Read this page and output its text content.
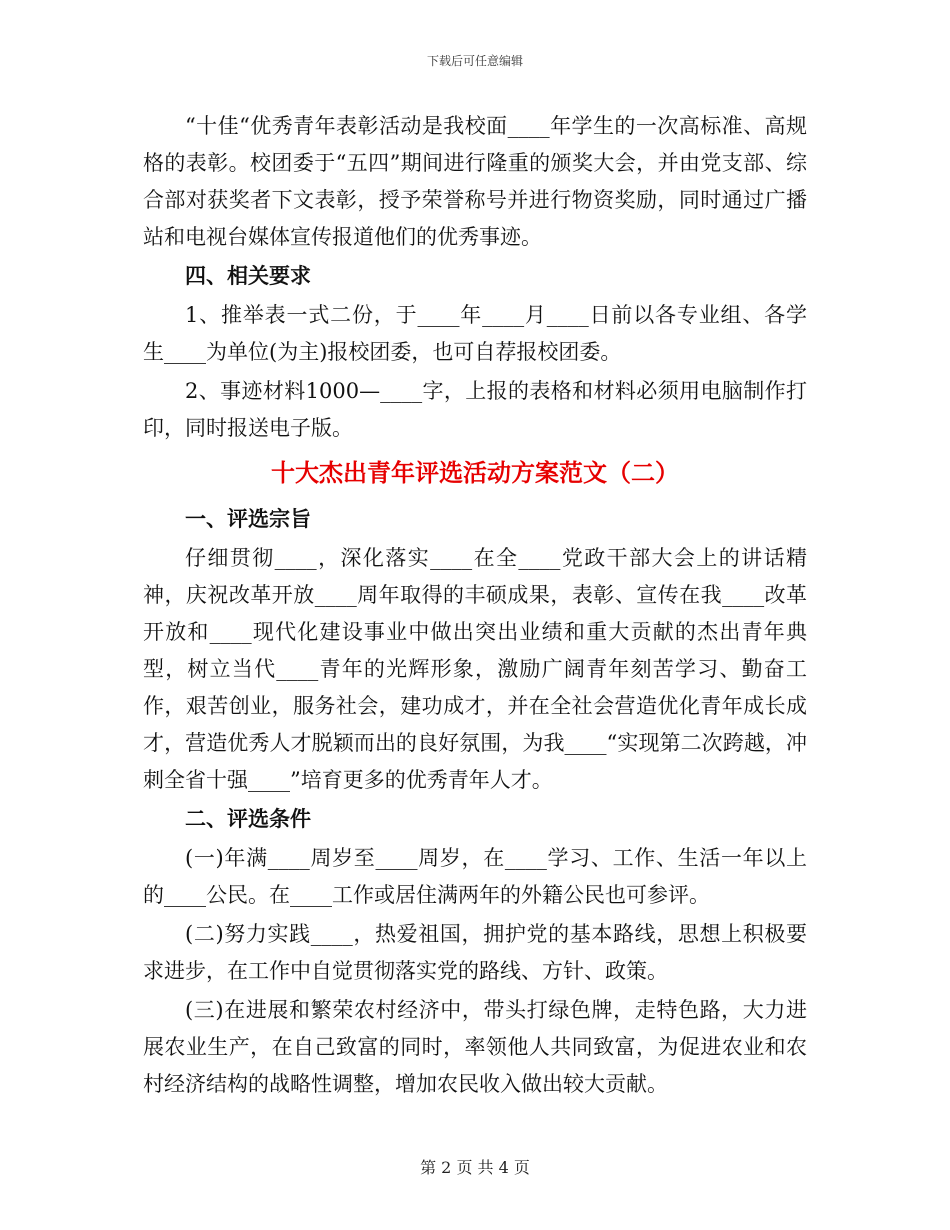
下载后可任意编辑

“十佳“优秀青年表彰活动是我校面____年学生的一次高标准、高规格的表彰。校团委于“五四”期间进行隆重的颁奖大会，并由党支部、综合部对获奖者下文表彰，授予荣誉称号并进行物资奖励，同时通过广播站和电视台媒体宣传报道他们的优秀事迹。

四、相关要求

1、推举表一式二份，于____年____月____日前以各专业组、各学生____为单位(为主)报校团委，也可自荐报校团委。

2、事迹材料1000—____字，上报的表格和材料必须用电脑制作打印，同时报送电子版。

十大杰出青年评选活动方案范文（二）

一、评选宗旨

仔细贯彻____，深化落实____在全____党政干部大会上的讲话精神，庆祝改革开放____周年取得的丰硕成果，表彰、宣传在我____改革开放和____现代化建设事业中做出突出业绩和重大贡献的杰出青年典型，树立当代____青年的光辉形象，激励广阔青年刻苦学习、勤奋工作，艰苦创业，服务社会，建功成才，并在全社会营造优化青年成长成才，营造优秀人才脱颖而出的良好氛围，为我____“实现第二次跨越，冲刺全省十强____”培育更多的优秀青年人才。

二、评选条件

(一)年满____周岁至____周岁，在____学习、工作、生活一年以上的____公民。在____工作或居住满两年的外籍公民也可参评。

(二)努力实践____，热爱祖国，拥护党的基本路线，思想上积极要求进步，在工作中自觉贯彻落实党的路线、方针、政策。

(三)在进展和繁荣农村经济中，带头打绿色牌，走特色路，大力进展农业生产，在自己致富的同时，率领他人共同致富，为促进农业和农村经济结构的战略性调整，增加农民收入做出较大贡献。

第 2 页 共 4 页
